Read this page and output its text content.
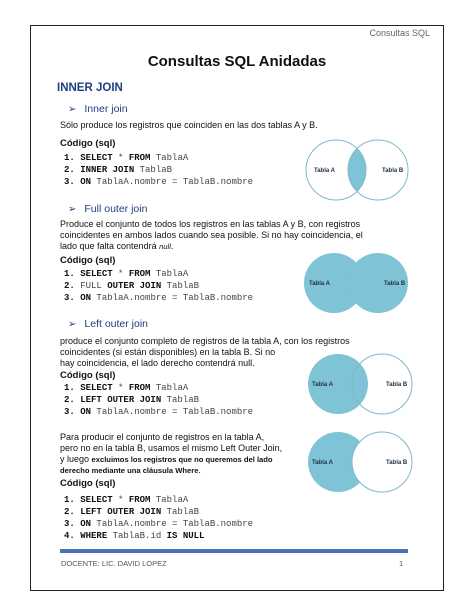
Consultas SQL
Consultas SQL Anidadas
INNER JOIN
➢ Inner join
Sólo produce los registros que coinciden en las dos tablas A y B.
Código (sql)
1. SELECT * FROM TablaA
2. INNER JOIN TablaB
3. ON TablaA.nombre = TablaB.nombre
Tabla A	Tabla B
➢ Full outer join
Produce el conjunto de todos los registros en las tablas A y B, con registros
coincidentes en ambos lados cuando sea posible. Si no hay coincidencia, el
lado que falta contendrá null.
Código (sql)
1. SELECT * FROM TablaA
2. FULL OUTER JOIN TablaB
3. ON TablaA.nombre = TablaB.nombre
Tabla A	Tabla B
➢ Left outer join
produce el conjunto completo de registros de la tabla A, con los registros
coincidentes (si están disponibles) en la tabla B. Si no
hay coincidencia, el lado derecho contendrá null.
Código (sql)
1. SELECT * FROM TablaA
2. LEFT OUTER JOIN TablaB
3. ON TablaA.nombre = TablaB.nombre
Tabla A	Tabla B
Para producir el conjunto de registros en la tabla A,
pero no en la tabla B, usamos el mismo Left Outer Join,
y luego excluimos los registros que no queremos del lado
derecho mediante una cláusula Where.
Código (sql)
1. SELECT * FROM TablaA
2. LEFT OUTER JOIN TablaB
3. ON TablaA.nombre = TablaB.nombre
4. WHERE TablaB.id IS NULL
Tabla A	Tabla B
DOCENTE: LIC. DAVID LOPEZ	1
